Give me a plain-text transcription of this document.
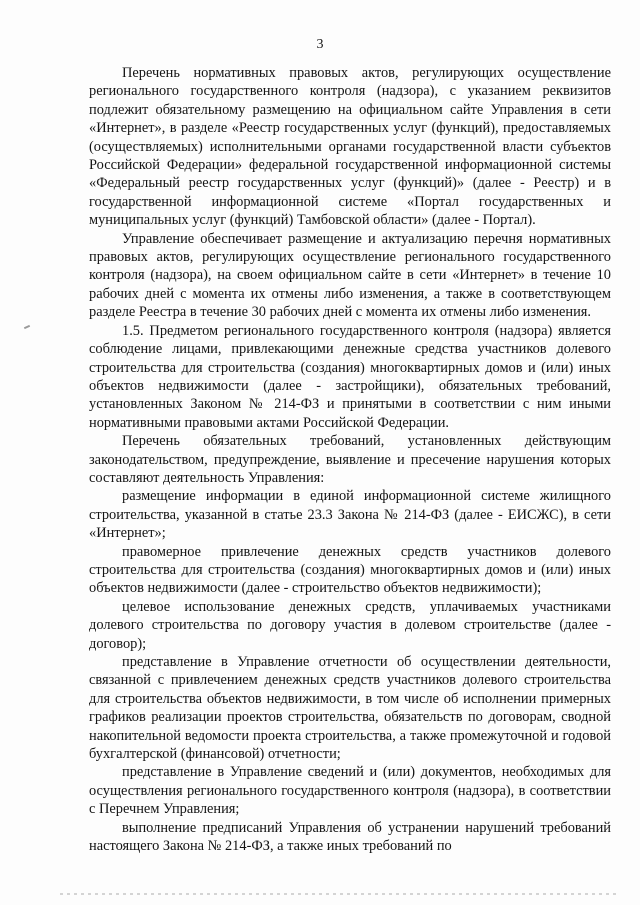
3

Перечень нормативных правовых актов, регулирующих осуществление регионального государственного контроля (надзора), с указанием реквизитов подлежит обязательному размещению на официальном сайте Управления в сети «Интернет», в разделе «Реестр государственных услуг (функций), предоставляемых (осуществляемых) исполнительными органами государственной власти субъектов Российской Федерации» федеральной государственной информационной системы «Федеральный реестр государственных услуг (функций)» (далее - Реестр) и в государственной информационной системе «Портал государственных и муниципальных услуг (функций) Тамбовской области» (далее - Портал).

Управление обеспечивает размещение и актуализацию перечня нормативных правовых актов, регулирующих осуществление регионального государственного контроля (надзора), на своем официальном сайте в сети «Интернет» в течение 10 рабочих дней с момента их отмены либо изменения, а также в соответствующем разделе Реестра в течение 30 рабочих дней с момента их отмены либо изменения.

1.5. Предметом регионального государственного контроля (надзора) является соблюдение лицами, привлекающими денежные средства участников долевого строительства для строительства (создания) многоквартирных домов и (или) иных объектов недвижимости (далее - застройщики), обязательных требований, установленных Законом № 214-ФЗ и принятыми в соответствии с ним иными нормативными правовыми актами Российской Федерации.

Перечень обязательных требований, установленных действующим законодательством, предупреждение, выявление и пресечение нарушения которых составляют деятельность Управления:

размещение информации в единой информационной системе жилищного строительства, указанной в статье 23.3 Закона № 214-ФЗ (далее - ЕИСЖС), в сети «Интернет»;

правомерное привлечение денежных средств участников долевого строительства для строительства (создания) многоквартирных домов и (или) иных объектов недвижимости (далее - строительство объектов недвижимости);

целевое использование денежных средств, уплачиваемых участниками долевого строительства по договору участия в долевом строительстве (далее - договор);

представление в Управление отчетности об осуществлении деятельности, связанной с привлечением денежных средств участников долевого строительства для строительства объектов недвижимости, в том числе об исполнении примерных графиков реализации проектов строительства, обязательств по договорам, сводной накопительной ведомости проекта строительства, а также промежуточной и годовой бухгалтерской (финансовой) отчетности;

представление в Управление сведений и (или) документов, необходимых для осуществления регионального государственного контроля (надзора), в соответствии с Перечнем Управления;

выполнение предписаний Управления об устранении нарушений требований настоящего Закона № 214-ФЗ, а также иных требований по
